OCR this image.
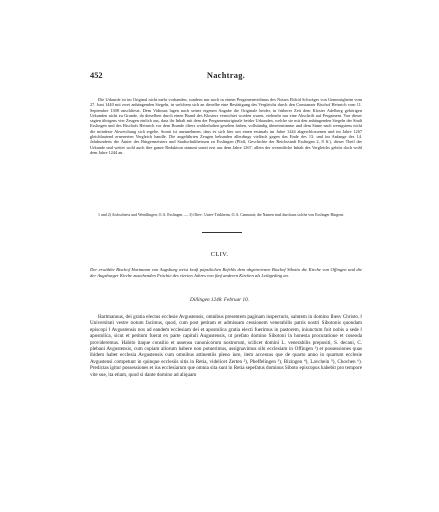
452	Nachtrag.

Die Urkunde ist im Original nicht mehr vorhanden, sondern nur noch in einem Pergamentvidimus des Notars Ebfrid Schwäger von Gemmrigheim vom 27. Juni 1440 mit zwei anhängenden Siegeln, in welchem sich an dieselbe eine Bestätigung des Vergleichs durch den Constanzer Bischof Heinrich vom 11. September 1308 anschliesst. Dem Vidimus lagen nach seiner eigenen Angabe die Originale beider, in früherer Zeit dem Kloster Adelberg gehörigen Urkunden nicht zu Grunde, da dieselben durch einen Brand des Klosters vernichtet worden waren, vielmehr nur eine Abschrift auf Pergament. Von dieser sagten übrigens vier Zeugen einlich aus, dass ihr Inhalt mit dem der Pergamentoriginale beider Urkunden, welche sie mit den anhängenden Siegeln der Stadt Esslingen und des Bischofs Heinrich vor dem Brande öfters wohlerhalten gesehen haben, vollständig übereinstimme und dem Sinne nach wenigstens nicht die mindeste Abweichung sich ergebe. Somit ist anzunehmen, dass es sich hier um einen erstmals im Jahre 1244 abgeschlossenen und im Jahre 1267 gleichlautend erneuerten Vergleich handle. Die angeführten Zeugen bekunden allerdings vielfach gegen das Ende des 13. und im Anfange des 14. Jahrhunderts die Ämter des Bürgermeisters und Stadtschultheissen zu Esslingen (Pfaff, Geschichte der Reichsstadt Esslingen 2, 8 ff.), dieser Theil der Urkunde und weiter wohl auch ihre ganze Redaktion stammt somit erst aus dem Jahre 1267, allein der wesentliche Inhalt des Vergleichs gehört doch wohl dem Jahre 1244 an.

1 und 2) Aichschiess und Wendlingen, O.A. Esslingen. — 3) Ober-, Unter-Türkheim, O.A. Cannstatt; die Namen sind durchaus solche von Esslinger Bürgern.

CLIV.
Der erwählte Bischof Hartmann von Augsburg weist kraft päpstlichen Befehls dem abgetretenen Bischof Sibotto die Kirche von Offingen und die der Augsburger Kirche zustehenden Früchte des vierten Jahres von fünf anderen Kirchen als Leibgeding an.
Dillingen 1248. Februar 10.

Hartmannus, dei gratia electus ecclesie Avgustensis, omnibus presentem paginam inspecturis, salutem in domino Ihesv Christo. ‖ Universitati vestre notum facimus, quod, cum post petitam et admissam cessionem venerabilis patris nostri Sibotonis quondam episcopi ‖ Avgustensis nos ad eandem ecclesiam dei et apostolica gratia electi fuerimus in pastorem, iniunctum fuit nobis a sede ‖ apostolica, sicut et petitum fuerat ex parte capituli Augustensis, ut prefato domino Sibotoni in honesta procuratione et coseoda providerem​us. Habito itaque consilio et assensu canonicorum nostrorum, scilicet domini L. venerabilis prepositi, S. decani, C. plebani Avgustensis, cum copiam aliorum habere non potuerimus, assignavimus sibi ecclesiam in Offingen ¹) et possessiones quas ibidem habet ecclesia Avgustensis cum omnibus attinentiis pleno iure, item accessus que de quarto anno in quartum ecclesie Avgustensi competunt in quinque ecclesiis sitis in Retia, videlicet Zerten ²), Pheffelingen ³), Bizingen ⁴), Lavchein ⁵), Chochen ⁶). Predictas igitur possessiones et ius ecclesiarum que omnia sita sunt in Retia sepefatus dominus Siboto episcopus habebit pro tempore vite sue, ita etiam, quod si dante domino ad aliquam
